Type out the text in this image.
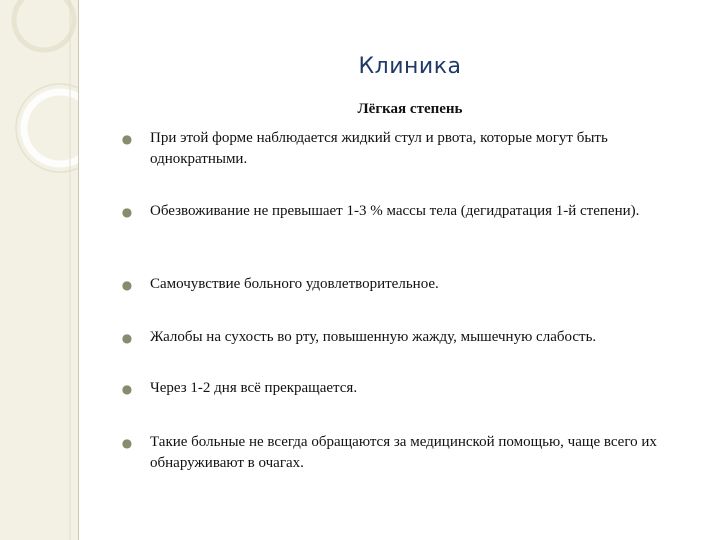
Клиника
Лёгкая степень
● При этой форме наблюдается жидкий стул и рвота, которые могут быть однократными.
● Обезвоживание не превышает 1-3 % массы тела (дегидратация 1-й степени).
● Самочувствие больного удовлетворительное.
● Жалобы на сухость во рту, повышенную жажду, мышечную слабость.
● Через 1-2 дня всё прекращается.
● Такие больные не всегда обращаются за медицинской помощью, чаще всего их обнаруживают в очагах.
